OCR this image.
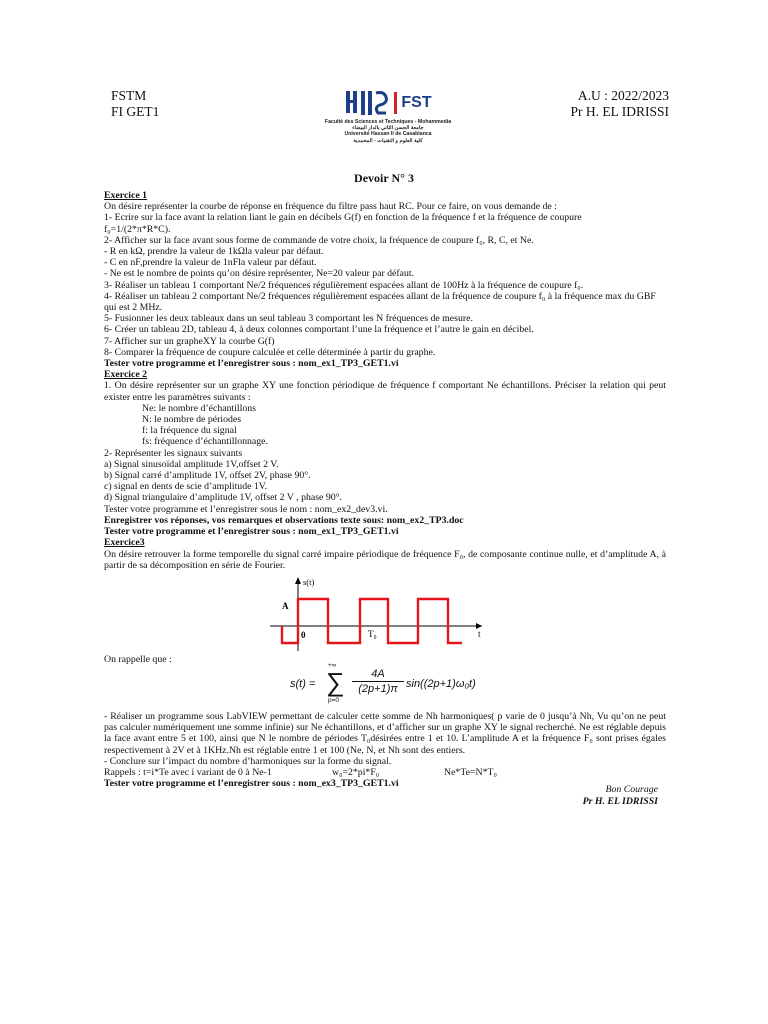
FSTM
FI GET1
A.U : 2022/2023
Pr H. EL IDRISSI
FST
Faculté des Sciences et Techniques - Mohammedia
جامعة الحسن الثاني بالدار البيضاء
Université Hassan II de Casablanca
كلية العلوم و التقنيات - المحمدية
Devoir N° 3

Exercice 1

On désire représenter la courbe de réponse en fréquence du filtre pass haut RC. Pour ce faire, on vous demande de :

1- Ecrire sur la face avant la relation liant le gain en décibels G(f) en fonction de la fréquence f et la fréquence de coupure

f₀=1/(2*π*R*C).

2- Afficher sur la face avant sous forme de commande de votre choix, la fréquence de coupure f₀, R, C, et Ne.

- R en kΩ, prendre la valeur de 1kΩla valeur par défaut.

- C en nF,prendre la valeur de 1nFla valeur par défaut.

- Ne est le nombre de points qu’on désire représenter, Ne=20 valeur par défaut.

3- Réaliser un tableau 1 comportant Ne/2 fréquences régulièrement espacées allant de 100Hz à la fréquence de coupure f₀.

4- Réaliser un tableau 2 comportant Ne/2 fréquences régulièrement espacées allant de la fréquence de coupure f₀ à la fréquence max du GBF qui est 2 MHz.

5- Fusionner les deux tableaux dans un seul tableau 3 comportant les N fréquences de mesure.

6- Créer un tableau 2D, tableau 4, à deux colonnes comportant l’une la fréquence et l’autre le gain en décibel.

7- Afficher sur un grapheXY la courbe G(f)

8- Comparer la fréquence de coupure calculée et celle déterminée à partir du graphe.

Tester votre programme et l’enregistrer sous : nom_ex1_TP3_GET1.vi

Exercice 2

1. On désire représenter sur un graphe XY une fonction périodique de fréquence f comportant Ne échantillons. Préciser la relation qui peut exister entre les paramètres suivants :

Ne: le nombre d’échantillons

N: le nombre de périodes

f: la fréquence du signal

fs: fréquence d’échantillonnage.

2- Représenter les signaux suivants

a) Signal sinusoïdal amplitude 1V,offset 2 V.

b) Signal carré d’amplitude 1V, offset 2V, phase 90°.

c) signal en dents de scie d’amplitude 1V.

d) Signal triangulaire d’amplitude 1V, offset 2 V , phase 90°.

Tester votre programme et l’enregistrer sous le nom : nom_ex2_dev3.vi.

Enregistrer vos réponses, vos remarques et observations texte sous: nom_ex2_TP3.doc

Tester votre programme et l’enregistrer sous : nom_ex1_TP3_GET1.vi

Exercice3

On désire retrouver la forme temporelle du signal carré impaire périodique de fréquence F₀, de composante continue nulle, et d’amplitude A, à partir de sa décomposition en série de Fourier.

s(t)
A
0	T₀	t
On rappelle que :
s(t) =
+∞
∑
p=0
4A
(2p+1)π sin((2p+1)ω₀t)

- Réaliser un programme sous LabVIEW permettant de calculer cette somme de Nh harmoniques( p varie de 0 jusqu’à Nh, Vu qu’on ne peut pas calculer numériquement une somme infinie) sur Ne échantillons, et d’afficher sur un graphe XY le signal recherché. Ne est réglable depuis la face avant entre 5 et 100, ainsi que N le nombre de périodes T₀désirées entre 1 et 10. L’amplitude A et la fréquence F₀ sont prises égales respectivement à 2V et à 1KHz.Nh est réglable entre 1 et 100 (Ne, N, et Nh sont des entiers.

- Conclure sur l’impact du nombre d’harmoniques sur la forme du signal.

Rappels : t=i*Te avec i variant de 0 à Ne-1	w₀=2*pi*F₀	Ne*Te=N*T₀

Tester votre programme et l’enregistrer sous : nom_ex3_TP3_GET1.vi

Bon Courage
Pr H. EL IDRISSI
